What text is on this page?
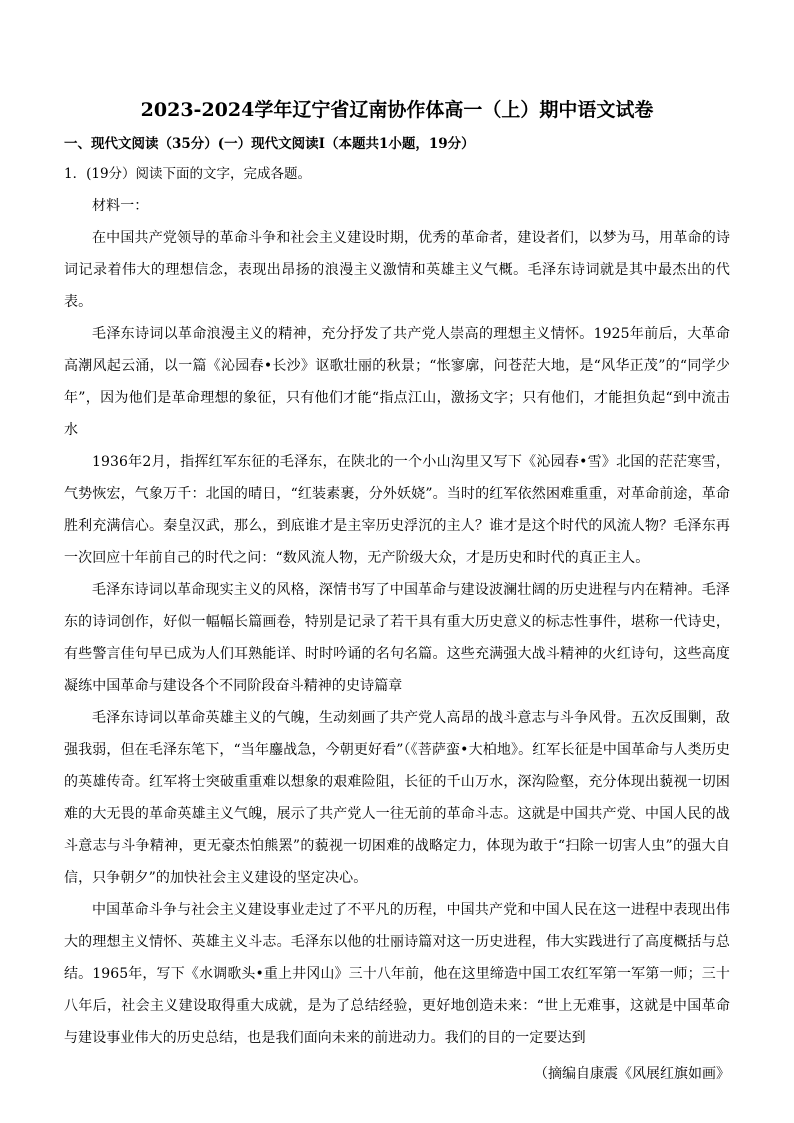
2023-2024学年辽宁省辽南协作体高一（上）期中语文试卷
一、现代文阅读（35分）(一）现代文阅读Ⅰ（本题共1小题，19分）
1．(19分）阅读下面的文字，完成各题。

材料一：

在中国共产党领导的革命斗争和社会主义建设时期，优秀的革命者，建设者们，以梦为马，用革命的诗词记录着伟大的理想信念，表现出昂扬的浪漫主义激情和英雄主义气概。毛泽东诗词就是其中最杰出的代表。

毛泽东诗词以革命浪漫主义的精神，充分抒发了共产党人崇高的理想主义情怀。1925年前后，大革命高潮风起云涌，以一篇《沁园春•长沙》讴歌壮丽的秋景；“怅寥廓，问苍茫大地，是“风华正茂”的“同学少年”，因为他们是革命理想的象征，只有他们才能“指点江山，激扬文字；只有他们，才能担负起“到中流击水

1936年2月，指挥红军东征的毛泽东，在陕北的一个小山沟里又写下《沁园春•雪》北国的茫茫寒雪，气势恢宏，气象万千：北国的晴日，“红装素裹，分外妖娆”。当时的红军依然困难重重，对革命前途，革命胜利充满信心。秦皇汉武，那么，到底谁才是主宰历史浮沉的主人？谁才是这个时代的风流人物？毛泽东再一次回应十年前自己的时代之问：“数风流人物，无产阶级大众，才是历史和时代的真正主人。

毛泽东诗词以革命现实主义的风格，深情书写了中国革命与建设波澜壮阔的历史进程与内在精神。毛泽东的诗词创作，好似一幅幅长篇画卷，特别是记录了若干具有重大历史意义的标志性事件，堪称一代诗史，有些警言佳句早已成为人们耳熟能详、时时吟诵的名句名篇。这些充满强大战斗精神的火红诗句，这些高度凝练中国革命与建设各个不同阶段奋斗精神的史诗篇章

毛泽东诗词以革命英雄主义的气魄，生动刻画了共产党人高昂的战斗意志与斗争风骨。五次反围剿，敌强我弱，但在毛泽东笔下，“当年鏖战急，今朝更好看”（《菩萨蛮•大柏地》。红军长征是中国革命与人类历史的英雄传奇。红军将士突破重重难以想象的艰难险阻，长征的千山万水，深沟险壑，充分体现出藐视一切困难的大无畏的革命英雄主义气魄，展示了共产党人一往无前的革命斗志。这就是中国共产党、中国人民的战斗意志与斗争精神，更无豪杰怕熊罴”的藐视一切困难的战略定力，体现为敢于“扫除一切害人虫”的强大自信，只争朝夕”的加快社会主义建设的坚定决心。

中国革命斗争与社会主义建设事业走过了不平凡的历程，中国共产党和中国人民在这一进程中表现出伟大的理想主义情怀、英雄主义斗志。毛泽东以他的壮丽诗篇对这一历史进程，伟大实践进行了高度概括与总结。1965年，写下《水调歌头•重上井冈山》三十八年前，他在这里缔造中国工农红军第一军第一师；三十八年后，社会主义建设取得重大成就，是为了总结经验，更好地创造未来：“世上无难事，这就是中国革命与建设事业伟大的历史总结，也是我们面向未来的前进动力。我们的目的一定要达到

（摘编自康震《风展红旗如画》
